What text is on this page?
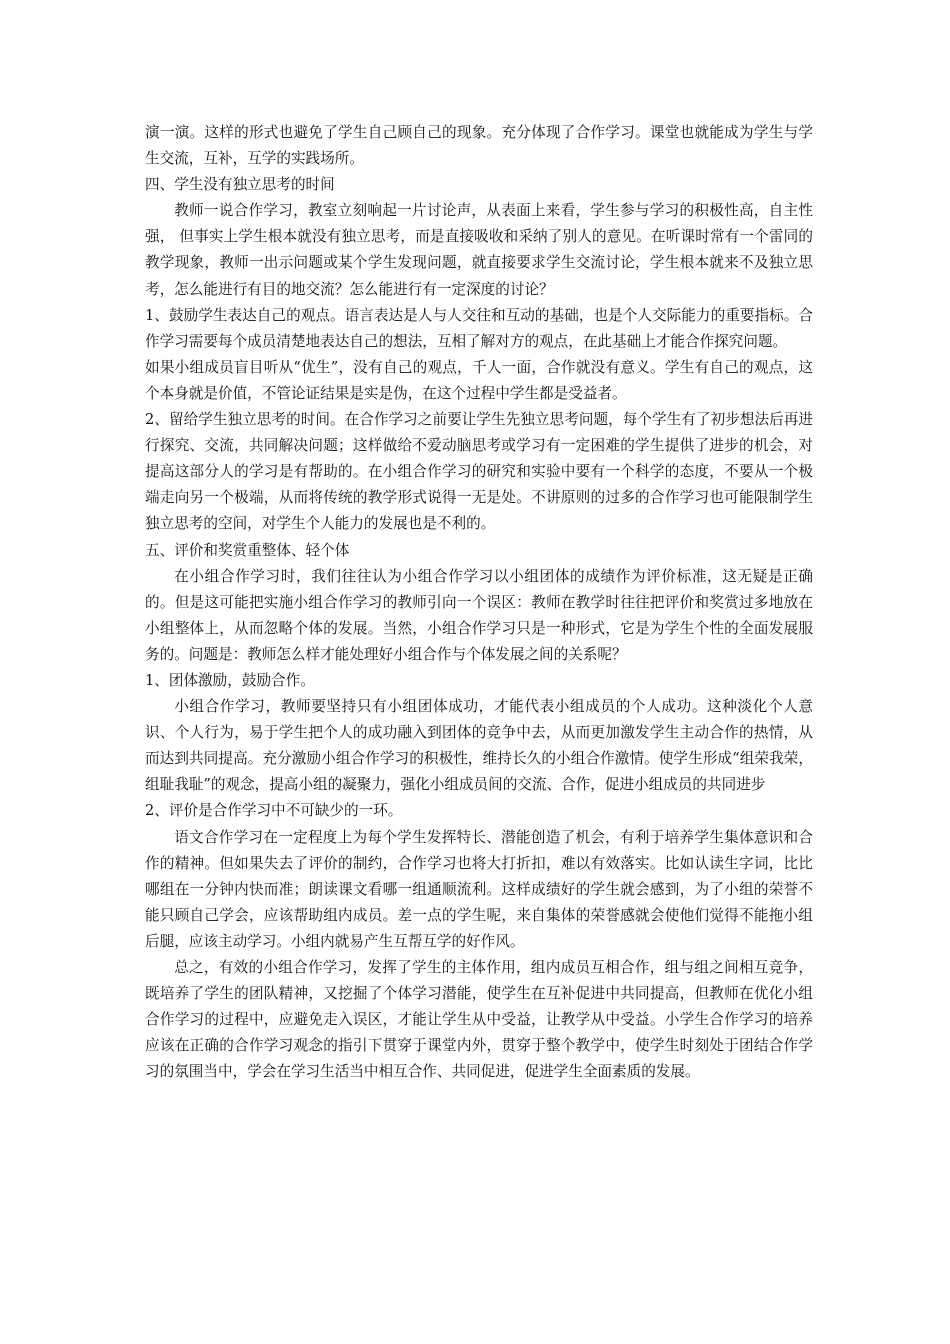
演一演。这样的形式也避免了学生自己顾自己的现象。充分体现了合作学习。课堂也就能成为学生与学生交流，互补，互学的实践场所。

四、学生没有独立思考的时间

教师一说合作学习，教室立刻响起一片讨论声，从表面上来看，学生参与学习的积极性高，自主性强， 但事实上学生根本就没有独立思考，而是直接吸收和采纳了别人的意见。在听课时常有一个雷同的教学现象，教师一出示问题或某个学生发现问题，就直接要求学生交流讨论，学生根本就来不及独立思考，怎么能进行有目的地交流？怎么能进行有一定深度的讨论？

1、鼓励学生表达自己的观点。语言表达是人与人交往和互动的基础，也是个人交际能力的重要指标。合作学习需要每个成员清楚地表达自己的想法，互相了解对方的观点，在此基础上才能合作探究问题。

如果小组成员盲目听从“优生”，没有自己的观点，千人一面，合作就没有意义。学生有自己的观点，这个本身就是价值，不管论证结果是实是伪，在这个过程中学生都是受益者。

2、留给学生独立思考的时间。在合作学习之前要让学生先独立思考问题，每个学生有了初步想法后再进行探究、交流，共同解决问题；这样做给不爱动脑思考或学习有一定困难的学生提供了进步的机会，对提高这部分人的学习是有帮助的。在小组合作学习的研究和实验中要有一个科学的态度，不要从一个极端走向另一个极端，从而将传统的教学形式说得一无是处。不讲原则的过多的合作学习也可能限制学生独立思考的空间，对学生个人能力的发展也是不利的。

五、评价和奖赏重整体、轻个体

在小组合作学习时，我们往往认为小组合作学习以小组团体的成绩作为评价标准，这无疑是正确的。但是这可能把实施小组合作学习的教师引向一个误区：教师在教学时往往把评价和奖赏过多地放在小组整体上，从而忽略个体的发展。当然，小组合作学习只是一种形式，它是为学生个性的全面发展服务的。问题是：教师怎么样才能处理好小组合作与个体发展之间的关系呢？

1、团体激励，鼓励合作。

小组合作学习，教师要坚持只有小组团体成功，才能代表小组成员的个人成功。这种淡化个人意识、个人行为，易于学生把个人的成功融入到团体的竞争中去，从而更加激发学生主动合作的热情，从而达到共同提高。充分激励小组合作学习的积极性，维持长久的小组合作激情。使学生形成“组荣我荣，组耻我耻”的观念，提高小组的凝聚力，强化小组成员间的交流、合作，促进小组成员的共同进步

2、评价是合作学习中不可缺少的一环。

语文合作学习在一定程度上为每个学生发挥特长、潜能创造了机会，有利于培养学生集体意识和合作的精神。但如果失去了评价的制约，合作学习也将大打折扣，难以有效落实。比如认读生字词，比比哪组在一分钟内快而准；朗读课文看哪一组通顺流利。这样成绩好的学生就会感到，为了小组的荣誉不能只顾自己学会，应该帮助组内成员。差一点的学生呢，来自集体的荣誉感就会使他们觉得不能拖小组后腿，应该主动学习。小组内就易产生互帮互学的好作风。

总之，有效的小组合作学习，发挥了学生的主体作用，组内成员互相合作，组与组之间相互竞争，既培养了学生的团队精神，又挖掘了个体学习潜能，使学生在互补促进中共同提高，但教师在优化小组合作学习的过程中，应避免走入误区，才能让学生从中受益，让教学从中受益。小学生合作学习的培养应该在正确的合作学习观念的指引下贯穿于课堂内外，贯穿于整个教学中，使学生时刻处于团结合作学习的氛围当中，学会在学习生活当中相互合作、共同促进，促进学生全面素质的发展。
